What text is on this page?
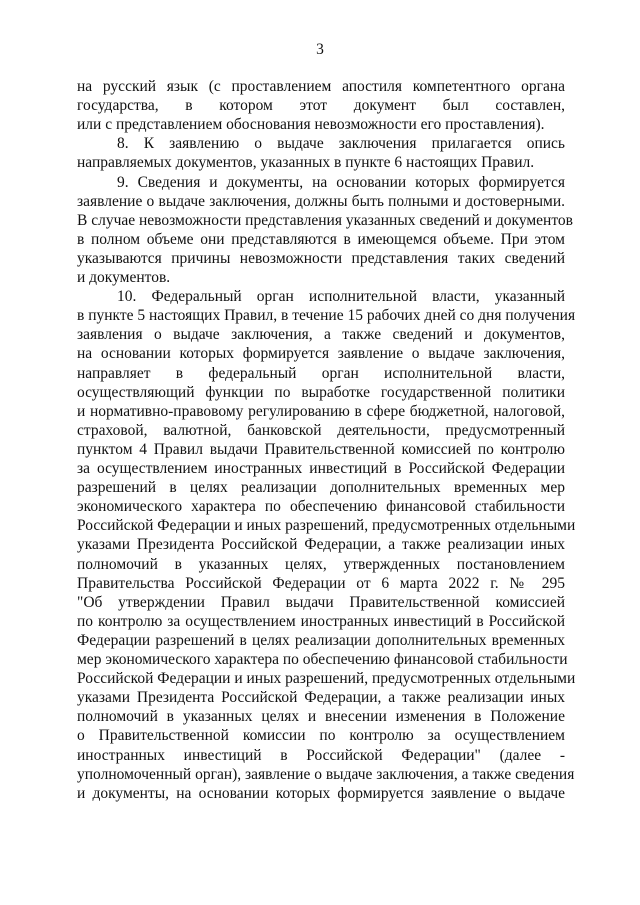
3
на русский язык (с проставлением апостиля компетентного органа
государства, в котором этот документ был составлен,
или с представлением обоснования невозможности его проставления).
8. К заявлению о выдаче заключения прилагается опись
направляемых документов, указанных в пункте 6 настоящих Правил.
9. Сведения и документы, на основании которых формируется
заявление о выдаче заключения, должны быть полными и достоверными.
В случае невозможности представления указанных сведений и документов
в полном объеме они представляются в имеющемся объеме. При этом
указываются причины невозможности представления таких сведений
и документов.
10. Федеральный орган исполнительной власти, указанный
в пункте 5 настоящих Правил, в течение 15 рабочих дней со дня получения
заявления о выдаче заключения, а также сведений и документов,
на основании которых формируется заявление о выдаче заключения,
направляет в федеральный орган исполнительной власти,
осуществляющий функции по выработке государственной политики
и нормативно-правовому регулированию в сфере бюджетной, налоговой,
страховой, валютной, банковской деятельности, предусмотренный
пунктом 4 Правил выдачи Правительственной комиссией по контролю
за осуществлением иностранных инвестиций в Российской Федерации
разрешений в целях реализации дополнительных временных мер
экономического характера по обеспечению финансовой стабильности
Российской Федерации и иных разрешений, предусмотренных отдельными
указами Президента Российской Федерации, а также реализации иных
полномочий в указанных целях, утвержденных постановлением
Правительства Российской Федерации от 6 марта 2022 г. № 295
"Об утверждении Правил выдачи Правительственной комиссией
по контролю за осуществлением иностранных инвестиций в Российской
Федерации разрешений в целях реализации дополнительных временных
мер экономического характера по обеспечению финансовой стабильности
Российской Федерации и иных разрешений, предусмотренных отдельными
указами Президента Российской Федерации, а также реализации иных
полномочий в указанных целях и внесении изменения в Положение
о Правительственной комиссии по контролю за осуществлением
иностранных инвестиций в Российской Федерации" (далее -
уполномоченный орган), заявление о выдаче заключения, а также сведения
и документы, на основании которых формируется заявление о выдаче
